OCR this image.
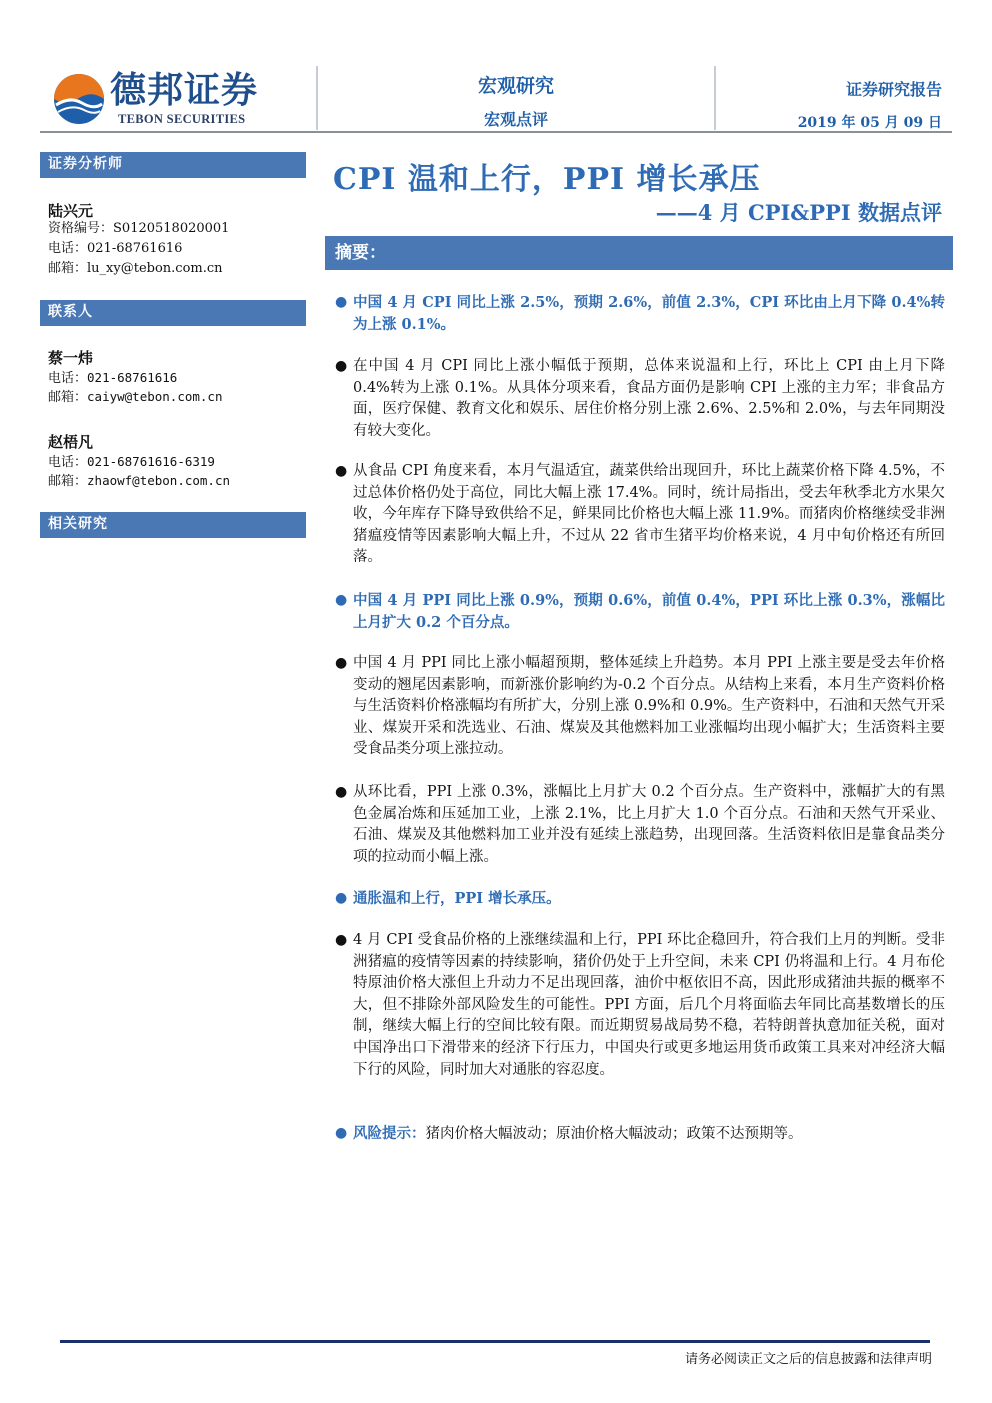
德邦证券
TEBON SECURITIES
宏观研究
宏观点评
证券研究报告
2019 年 05 月 09 日
证券分析师
陆兴元
资格编号：S0120518020001
电话：021-68761616
邮箱：lu_xy@tebon.com.cn
联系人
蔡一炜
电话：021-68761616
邮箱：caiyw@tebon.com.cn
赵梧凡
电话：021-68761616-6319
邮箱：zhaowf@tebon.com.cn
相关研究
CPI 温和上行，PPI 增长承压
——4 月 CPI&PPI 数据点评
摘要：
● 中国 4 月 CPI 同比上涨 2.5%，预期 2.6%，前值 2.3%，CPI 环比由上月下降 0.4%转为上涨 0.1%。
● 在中国 4 月 CPI 同比上涨小幅低于预期，总体来说温和上行，环比上 CPI 由上月下降 0.4%转为上涨 0.1%。从具体分项来看，食品方面仍是影响 CPI 上涨的主力军；非食品方面，医疗保健、教育文化和娱乐、居住价格分别上涨 2.6%、2.5%和 2.0%，与去年同期没有较大变化。
● 从食品 CPI 角度来看，本月气温适宜，蔬菜供给出现回升，环比上蔬菜价格下降 4.5%，不过总体价格仍处于高位，同比大幅上涨 17.4%。同时，统计局指出，受去年秋季北方水果欠收，今年库存下降导致供给不足，鲜果同比价格也大幅上涨 11.9%。而猪肉价格继续受非洲猪瘟疫情等因素影响大幅上升，不过从 22 省市生猪平均价格来说，4 月中旬价格还有所回落。
● 中国 4 月 PPI 同比上涨 0.9%，预期 0.6%，前值 0.4%，PPI 环比上涨 0.3%，涨幅比上月扩大 0.2 个百分点。
● 中国 4 月 PPI 同比上涨小幅超预期，整体延续上升趋势。本月 PPI 上涨主要是受去年价格变动的翘尾因素影响，而新涨价影响约为-0.2 个百分点。从结构上来看，本月生产资料价格与生活资料价格涨幅均有所扩大，分别上涨 0.9%和 0.9%。生产资料中，石油和天然气开采业、煤炭开采和洗选业、石油、煤炭及其他燃料加工业涨幅均出现小幅扩大；生活资料主要受食品类分项上涨拉动。
● 从环比看，PPI 上涨 0.3%，涨幅比上月扩大 0.2 个百分点。生产资料中，涨幅扩大的有黑色金属冶炼和压延加工业，上涨 2.1%，比上月扩大 1.0 个百分点。石油和天然气开采业、石油、煤炭及其他燃料加工业并没有延续上涨趋势，出现回落。生活资料依旧是靠食品类分项的拉动而小幅上涨。
● 通胀温和上行，PPI 增长承压。
● 4 月 CPI 受食品价格的上涨继续温和上行，PPI 环比企稳回升，符合我们上月的判断。受非洲猪瘟的疫情等因素的持续影响，猪价仍处于上升空间，未来 CPI 仍将温和上行。4 月布伦特原油价格大涨但上升动力不足出现回落，油价中枢依旧不高，因此形成猪油共振的概率不大，但不排除外部风险发生的可能性。PPI 方面，后几个月将面临去年同比高基数增长的压制，继续大幅上行的空间比较有限。而近期贸易战局势不稳，若特朗普执意加征关税，面对中国净出口下滑带来的经济下行压力，中国央行或更多地运用货币政策工具来对冲经济大幅下行的风险，同时加大对通胀的容忍度。
● 风险提示：猪肉价格大幅波动；原油价格大幅波动；政策不达预期等。
请务必阅读正文之后的信息披露和法律声明
